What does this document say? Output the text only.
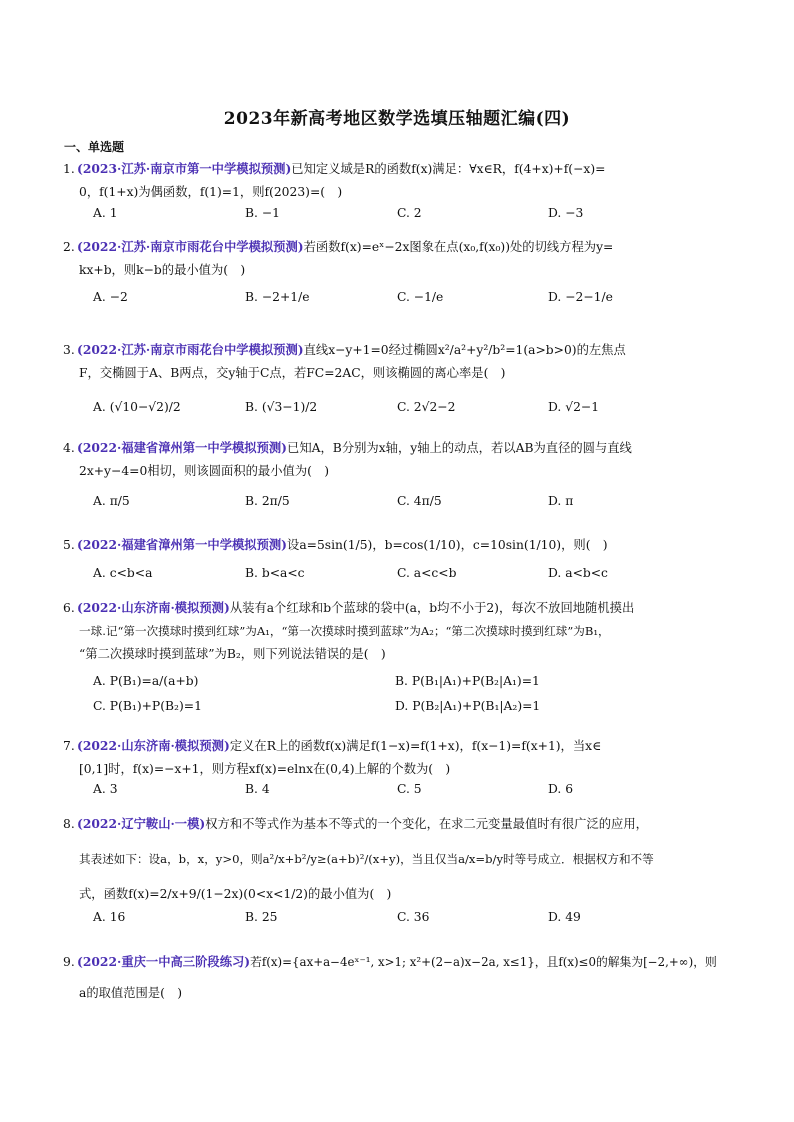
2023年新高考地区数学选填压轴题汇编(四)
一、单选题
1. (2023·江苏·南京市第一中学模拟预测)已知定义域是R的函数f(x)满足：∀x∈R，f(4+x)+f(−x)=
0，f(1+x)为偶函数，f(1)=1，则f(2023)=(　)
A. 1	B. −1	C. 2	D. −3
2. (2022·江苏·南京市雨花台中学模拟预测)若函数f(x)=eˣ−2x图象在点(x₀,f(x₀))处的切线方程为y=
kx+b，则k−b的最小值为(　)
A. −2	B. −2+1/e	C. −1/e	D. −2−1/e
3. (2022·江苏·南京市雨花台中学模拟预测)直线x−y+1=0经过椭圆x²/a²+y²/b²=1(a>b>0)的左焦点
F，交椭圆于A、B两点，交y轴于C点，若FC=2AC，则该椭圆的离心率是(　)
A. (√10−√2)/2	B. (√3−1)/2	C. 2√2−2	D. √2−1
4. (2022·福建省漳州第一中学模拟预测)已知A，B分别为x轴，y轴上的动点，若以AB为直径的圆与直线
2x+y−4=0相切，则该圆面积的最小值为(　)
A. π/5	B. 2π/5	C. 4π/5	D. π
5. (2022·福建省漳州第一中学模拟预测)设a=5sin(1/5)，b=cos(1/10)，c=10sin(1/10)，则(　)
A. c<b<a	B. b<a<c	C. a<c<b	D. a<b<c
6. (2022·山东济南·模拟预测)从装有a个红球和b个蓝球的袋中(a，b均不小于2)，每次不放回地随机摸出
一球.记“第一次摸球时摸到红球”为A₁，“第一次摸球时摸到蓝球”为A₂；“第二次摸球时摸到红球”为B₁，
“第二次摸球时摸到蓝球”为B₂，则下列说法错误的是(　)
A. P(B₁)=a/(a+b)	B. P(B₁|A₁)+P(B₂|A₁)=1
C. P(B₁)+P(B₂)=1	D. P(B₂|A₁)+P(B₁|A₂)=1
7. (2022·山东济南·模拟预测)定义在R上的函数f(x)满足f(1−x)=f(1+x)，f(x−1)=f(x+1)，当x∈
[0,1]时，f(x)=−x+1，则方程xf(x)=elnx在(0,4)上解的个数为(　)
A. 3	B. 4	C. 5	D. 6
8. (2022·辽宁鞍山·一模)权方和不等式作为基本不等式的一个变化，在求二元变量最值时有很广泛的应用，
其表述如下：设a，b，x，y>0，则a²/x+b²/y≥(a+b)²/(x+y)，当且仅当a/x=b/y时等号成立．根据权方和不等
式，函数f(x)=2/x+9/(1−2x)(0<x<1/2)的最小值为(　)
A. 16	B. 25	C. 36	D. 49
9. (2022·重庆一中高三阶段练习)若f(x)={ax+a−4eˣ⁻¹, x>1; x²+(2−a)x−2a, x≤1}，且f(x)≤0的解集为[−2,+∞)，则
a的取值范围是(　)
